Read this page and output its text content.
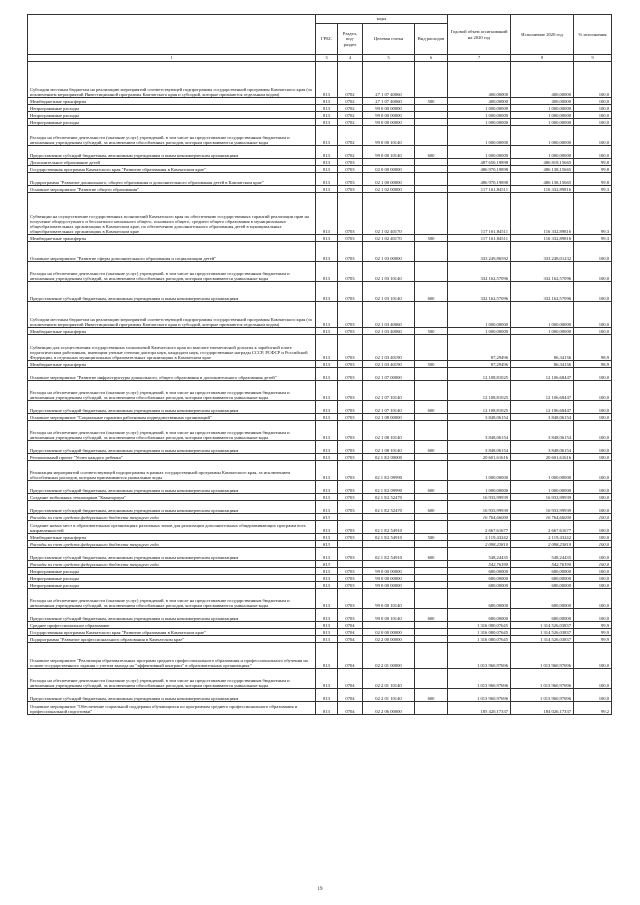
	коды				Годовой объем ассигнований на 2020 год	Исполнение 2020 год	% исполнения
	ГРБС	Раздел, под-раздел	Целевая статья	Вид расходов			
1	3	4	5	6	7	8	9
Субсидии местным бюджетам на реализацию мероприятий соответствующей подпрограммы государственной программы Камчатского края (за исключением мероприятий Инвестиционной программы Камчатского края и субсидий, которые признаются отдельным кодом)	813	0702	27 1 07 40060		400,00000	400,00000	100,0
Межбюджетные трансферты	813	0702	27 1 07 40060	500	400,00000	400,00000	100,0
Непрограммные расходы	813	0702	99 0 00 00000		1 000,00000	1 000,00000	100,0
Непрограммные расходы	813	0702	99 0 00 00000		1 000,00000	1 000,00000	100,0
Непрограммные расходы	813	0702	99 0 00 00000		1 000,00000	1 000,00000	100,0
Расходы на обеспечение деятельности (оказание услуг) учреждений, в том числе на предоставление государственным бюджетным и автономным учреждениям субсидий, за исключением обособленных расходов, которым присваиваются уникальные коды	813	0702	99 0 00 10140		1 000,00000	1 000,00000	100,0
Предоставление субсидий бюджетным, автономным учреждениям и иным некоммерческим организациям	813	0702	99 0 00 10140	600	1 000,00000	1 000,00000	100,0
Дополнительное образование детей	813	0703			487 650,19898	486 818,15665	99,8
Государственная программа Камчатского края "Развитие образования в Камчатском крае"	813	0703	02 0 00 00000		486 970,19898	486 138,15665	99,8
Подпрограмма "Развитие дошкольного, общего образования и дополнительного образования детей в Камчатском крае"	813	0703	02 1 00 00000		486 970,19898	486 138,15665	99,8
Основное мероприятие "Развитие общего образования"	813	0703	02 1 02 00000		117 161,84511	116 332,89816	99,3
Субвенции на осуществление государственных полномочий Камчатского края по обеспечению государственных гарантий реализации прав на получение общедоступного и бесплатного начального общего, основного общего, среднего общего образования в муниципальных общеобразовательных организациях в Камчатском крае, по обеспечению дополнительного образования детей в муниципальных общеобразовательных организациях в Камчатском крае	813	0703	02 1 02 40170		117 161,84511	116 332,89816	99,3
Межбюджетные трансферты	813	0703	02 1 02 40170	500	117 161,84511	116 332,89816	99,3
Основное мероприятие "Развитие сферы дополнительного образования и социализации детей"	813	0703	02 1 03 00000		333 249,86592	333 248,01232	100,0
Расходы на обеспечение деятельности (оказание услуг) учреждений, в том числе на предоставление государственным бюджетным и автономным учреждениям субсидий, за исключением обособленных расходов, которым присваиваются уникальные коды	813	0703	02 1 03 10140		332 162,57096	332 162,57096	100,0
Предоставление субсидий бюджетным, автономным учреждениям и иным некоммерческим организациям	813	0703	02 1 03 10140	600	332 162,57096	332 162,57096	100,0
Субсидии местным бюджетам на реализацию мероприятий соответствующей подпрограммы государственной программы Камчатского края (за исключением мероприятий Инвестиционной программы Камчатского края и субсидий, которые признаются отдельным кодом)	813	0703	02 1 03 40060		1 000,00000	1 000,00000	100,0
Межбюджетные трансферты	813	0703	02 1 03 40060	500	1 000,00000	1 000,00000	100,0
Субвенции для осуществления государственных полномочий Камчатского края по выплате ежемесячной доплаты к заработной плате педагогическим работникам, имеющим ученые степени доктора наук, кандидата наук, государственные награды СССР, РСФСР и Российской Федерации, в отдельных муниципальных образовательных организациях в Камчатском крае	813	0703	02 1 03 40190		87,29496	86,34136	98,9
Межбюджетные трансферты	813	0703	02 1 03 40190	500	87,29496	86,34136	98,9
Основное мероприятие "Развитие инфраструктуры дошкольного, общего образования и дополнительного образования детей"	813	0703	02 1 07 00000		12 108,81025	12 106,68447	100,0
Расходы на обеспечение деятельности (оказание услуг) учреждений, в том числе на предоставление государственным бюджетным и автономным учреждениям субсидий, за исключением обособленных расходов, которым присваиваются уникальные коды	813	0703	02 1 07 10140		12 108,81025	12 106,68447	100,0
Предоставление субсидий бюджетным, автономным учреждениям и иным некоммерческим организациям	813	0703	02 1 07 10140	600	12 108,81025	12 106,68447	100,0
Основное мероприятие "Социальные гарантии работникам подведомственных организаций"	813	0703	02 1 08 00000		3 848,06154	3 848,06154	100,0
Расходы на обеспечение деятельности (оказание услуг) учреждений, в том числе на предоставление государственным бюджетным и автономным учреждениям субсидий, за исключением обособленных расходов, которым присваиваются уникальные коды	813	0703	02 1 08 10140		3 848,06154	3 848,06154	100,0
Предоставление субсидий бюджетным, автономным учреждениям и иным некоммерческим организациям	813	0703	02 1 08 10140	600	3 848,06154	3 848,06154	100,0
Региональный проект "Успех каждого ребенка"	813	0703	02 1 E2 00000		20 601,61616	20 601,61616	100,0
Реализация мероприятий соответствующей подпрограммы в рамках государственной программы Камчатского края, за исключением обособленных расходов, которым присваиваются уникальные коды	813	0703	02 1 E2 09990		1 000,00000	1 000,00000	100,0
Предоставление субсидий бюджетным, автономным учреждениям и иным некоммерческим организациям	813	0703	02 1 E2 09990	600	1 000,00000	1 000,00000	100,0
Создание мобильных технопарков "Кванториум"	813	0703	02 1 E2 52470		16 933,99939	16 933,99939	100,0
Предоставление субсидий бюджетным, автономным учреждениям и иным некоммерческим организациям	813	0703	02 1 E2 52470	600	16 933,99939	16 933,99939	100,0
Расходы за счет средств федерального бюджета текущего года	813				16 764,66000	16 764,66000	100,0
Создание новых мест в образовательных организациях различных типов для реализации дополнительных общеразвивающих программ всех направленностей	813	0703	02 1 E2 54910		2 667,61677	2 667,61677	100,0
Межбюджетные трансферты	813	0703	02 1 E2 54910	500	2 119,43242	2 119,43242	100,0
Расходы за счет средств федерального бюджета текущего года	813				2 098,23810	2 098,23810	100,0
Предоставление субсидий бюджетным, автономным учреждениям и иным некоммерческим организациям	813	0703	02 1 E2 54910	600	548,24435	548,24435	100,0
Расходы за счет средств федерального бюджета текущего года	813				542,76190	542,76190	100,0
Непрограммные расходы	813	0703	99 0 00 00000		680,00000	680,00000	100,0
Непрограммные расходы	813	0703	99 0 00 00000		680,00000	680,00000	100,0
Непрограммные расходы	813	0703	99 0 00 00000		680,00000	680,00000	100,0
Расходы на обеспечение деятельности (оказание услуг) учреждений, в том числе на предоставление государственным бюджетным и автономным учреждениям субсидий, за исключением обособленных расходов, которым присваиваются уникальные коды	813	0703	99 0 00 10140		680,00000	680,00000	100,0
Предоставление субсидий бюджетным, автономным учреждениям и иным некоммерческим организациям	813	0703	99 0 00 10140	600	680,00000	680,00000	100,0
Среднее профессиональное образование	813	0704			1 316 080,07645	1 314 526,03837	99,9
Государственная программа Камчатского края "Развитие образования в Камчатском крае"	813	0704	02 0 00 00000		1 316 080,07645	1 314 526,03837	99,9
Подпрограмма "Развитие профессионального образования в Камчатском крае"	813	0704	02 2 00 00000		1 316 080,07645	1 314 526,03837	99,9
Основное мероприятие "Реализация образовательных программ среднего профессионального образования и профессионального обучения на основе государственного задания с учетом выхода на "эффективный контракт" в образовательных организациях"	813	0704	02 2 01 00000		1 013 960,97696	1 013 960,97696	100,0
Расходы на обеспечение деятельности (оказание услуг) учреждений, в том числе на предоставление государственным бюджетным и автономным учреждениям субсидий, за исключением обособленных расходов, которым присваиваются уникальные коды	813	0704	02 2 01 10140		1 013 960,97696	1 013 960,97696	100,0
Предоставление субсидий бюджетным, автономным учреждениям и иным некоммерческим организациям	813	0704	02 2 01 10140	600	1 013 960,97696	1 013 960,97696	100,0
Основное мероприятие "Обеспечение социальной поддержки обучающихся по программам среднего профессионального образования и профессиональной подготовки"	813	0704	02 2 06 00000		185 420,17337	184 026,17337	99,2
19
